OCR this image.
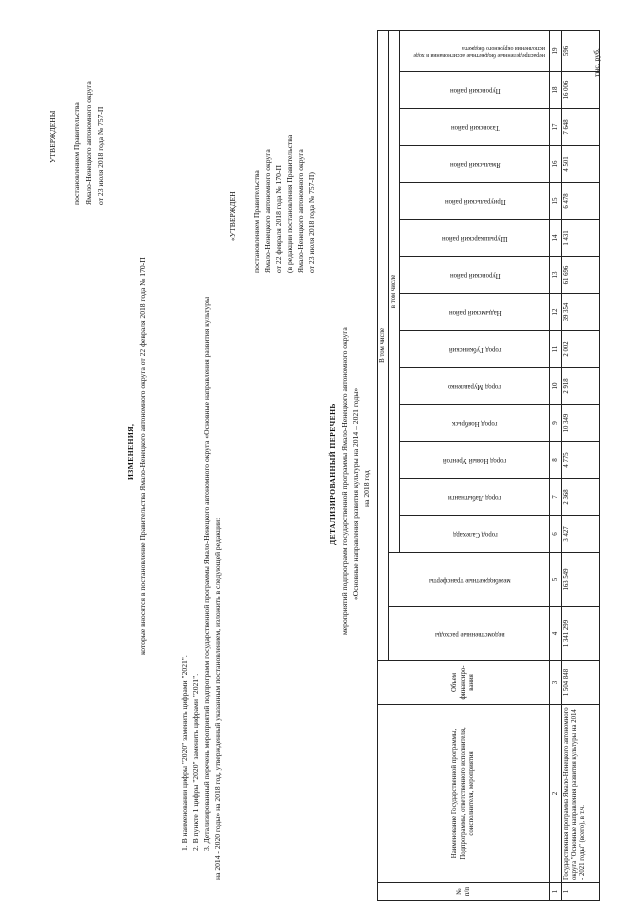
тыс. руб.
УТВЕРЖДЕНЫ постановлением Правительства Ямало-Ненецкого автономного округа от 23 июля 2018 года № 757-П
ИЗМЕНЕНИЯ, которые вносятся в постановление Правительства Ямало-Ненецкого автономного округа от 22 февраля 2018 года № 170-П
1. В наименовании цифры "2020" заменить цифрами "2021". 2. В пункте 1 цифры "2020" заменить цифрами "2021". 3. Детализированный перечень мероприятий подпрограмм государственной программы Ямало-Ненецкого автономного округа «Основные направления развития культуры на 2014 - 2020 годы» на 2018 год, утвержденный указанным постановлением, изложить в следующей редакции:
«УТВЕРЖДЕН постановлением Правительства Ямало-Ненецкого автономного округа от 22 февраля 2018 года № 170-П (в редакции постановления Правительства Ямало-Ненецкого автономного округа от 23 июля 2018 года № 757-П)
ДЕТАЛИЗИРОВАННЫЙ ПЕРЕЧЕНЬ мероприятий подпрограмм государственной программы Ямало-Ненецкого автономного округа «Основные направления развития культуры на 2014 – 2021 годы» на 2018 год
№ п/п	Наименование Государственной программы, Подпрограммы, ответственного исполнителя, соисполнителя, мероприятия	Объем финансиро-вания	В том числе															

			ведомственные расходы	межбюджетные трансферты	в том числе													

					город Салехард	город Лабытнанги	город Новый Уренгой	город Ноябрьск	город Муравленко	город Губкинский	Надымский район	Пуровский район	Шурышкарский район	Приуральский район	Ямальский район	Тазовский район	Пуровский район	нераспределенные бюджетные ассигнования в ходе исполнения окружного бюджета

1	2	3	4	5	6	7	8	9	10	11	12	13	14	15	16	17	18	19
1	Государственная программа Ямало-Ненецкого автономного округа "Основные направления развития культуры на 2014 - 2021 годы" (всего), в т.ч.	1 504 848	1 341 299	163 549	3 427	2 368	4 775	10 349	2 918	2 002	39 354	61 696	1 431	6 478	4 501	7 648	16 006	596
